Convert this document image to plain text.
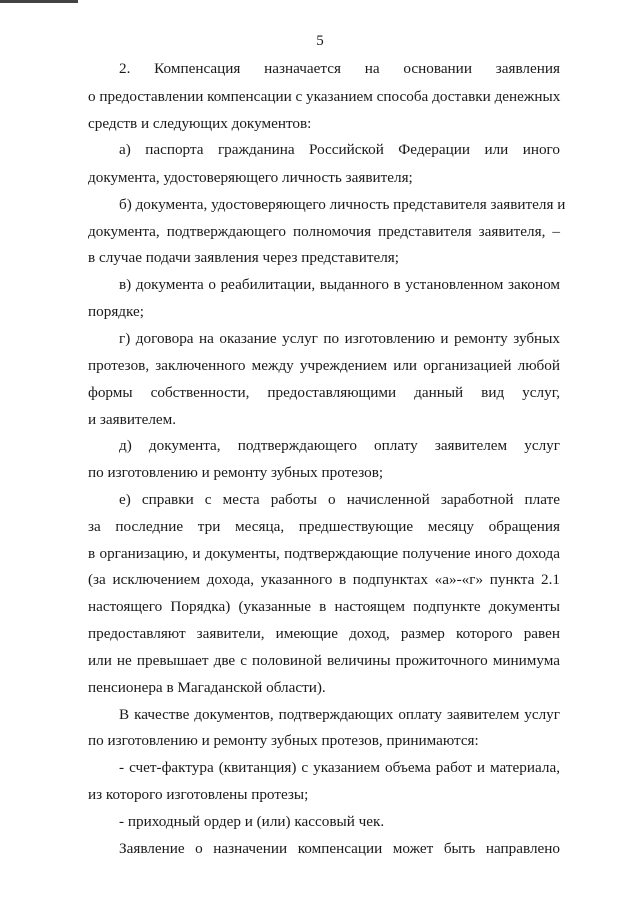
5
2. Компенсация назначается на основании заявления
о предоставлении компенсации с указанием способа доставки денежных
средств и следующих документов:
а) паспорта гражданина Российской Федерации или иного
документа, удостоверяющего личность заявителя;
б) документа, удостоверяющего личность представителя заявителя и
документа, подтверждающего полномочия представителя заявителя, –
в случае подачи заявления через представителя;
в) документа о реабилитации, выданного в установленном законом
порядке;
г) договора на оказание услуг по изготовлению и ремонту зубных
протезов, заключенного между учреждением или организацией любой
формы собственности, предоставляющими данный вид услуг,
и заявителем.
д) документа, подтверждающего оплату заявителем услуг
по изготовлению и ремонту зубных протезов;
е) справки с места работы о начисленной заработной плате
за последние три месяца, предшествующие месяцу обращения
в организацию, и документы, подтверждающие получение иного дохода
(за исключением дохода, указанного в подпунктах «а»-«г» пункта 2.1
настоящего Порядка) (указанные в настоящем подпункте документы
предоставляют заявители, имеющие доход, размер которого равен
или не превышает две с половиной величины прожиточного минимума
пенсионера в Магаданской области).
В качестве документов, подтверждающих оплату заявителем услуг
по изготовлению и ремонту зубных протезов, принимаются:
- счет-фактура (квитанция) с указанием объема работ и материала,
из которого изготовлены протезы;
- приходный ордер и (или) кассовый чек.
Заявление о назначении компенсации может быть направлено
